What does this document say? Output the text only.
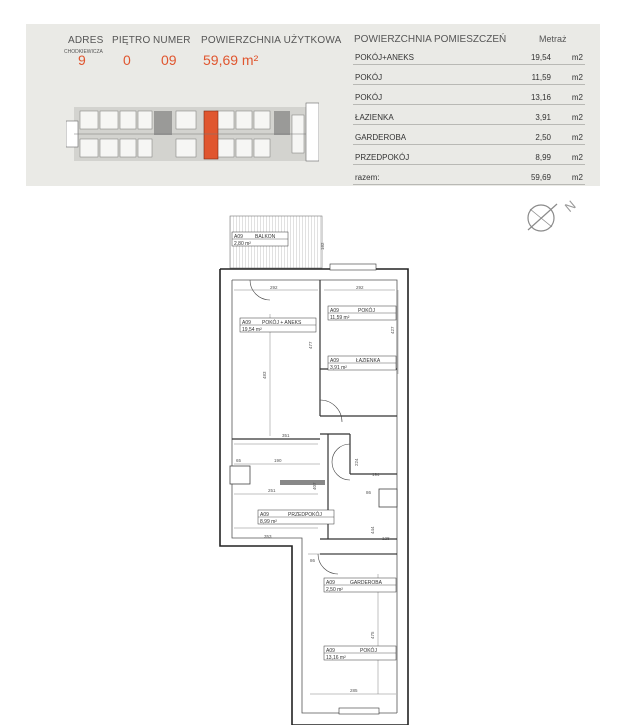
ADRES PIĘTRO NUMER POWIERZCHNIA UŻYTKOWA
CHODKIEWICZA
9	0 09 59,69 m²
POWIERZCHNIA POMIESZCZEŃ	Metraż
POKÓJ+ANEKS	19,54	m2
POKÓJ	11,59	m2
POKÓJ	13,16	m2
ŁAZIENKA	3,91	m2
GARDEROBA	2,50	m2
PRZEDPOKÓJ	8,99	m2
razem:	59,69	m2
N
A09 BALKON
2,80 m²
A09 POKÓJ + ANEKS
19,54 m²
A09	POKÓJ
11,59 m²
A09	ŁAZIENKA
3,91 m²
A09	PRZEDPOKÓJ
8,99 m²
A09	GARDEROBA
2,50 m²
A09	POKÓJ
13,16 m²
292	292
483
477
351
190
251
353
407
427
444
475
285
65	224
86
86
194
128
182
